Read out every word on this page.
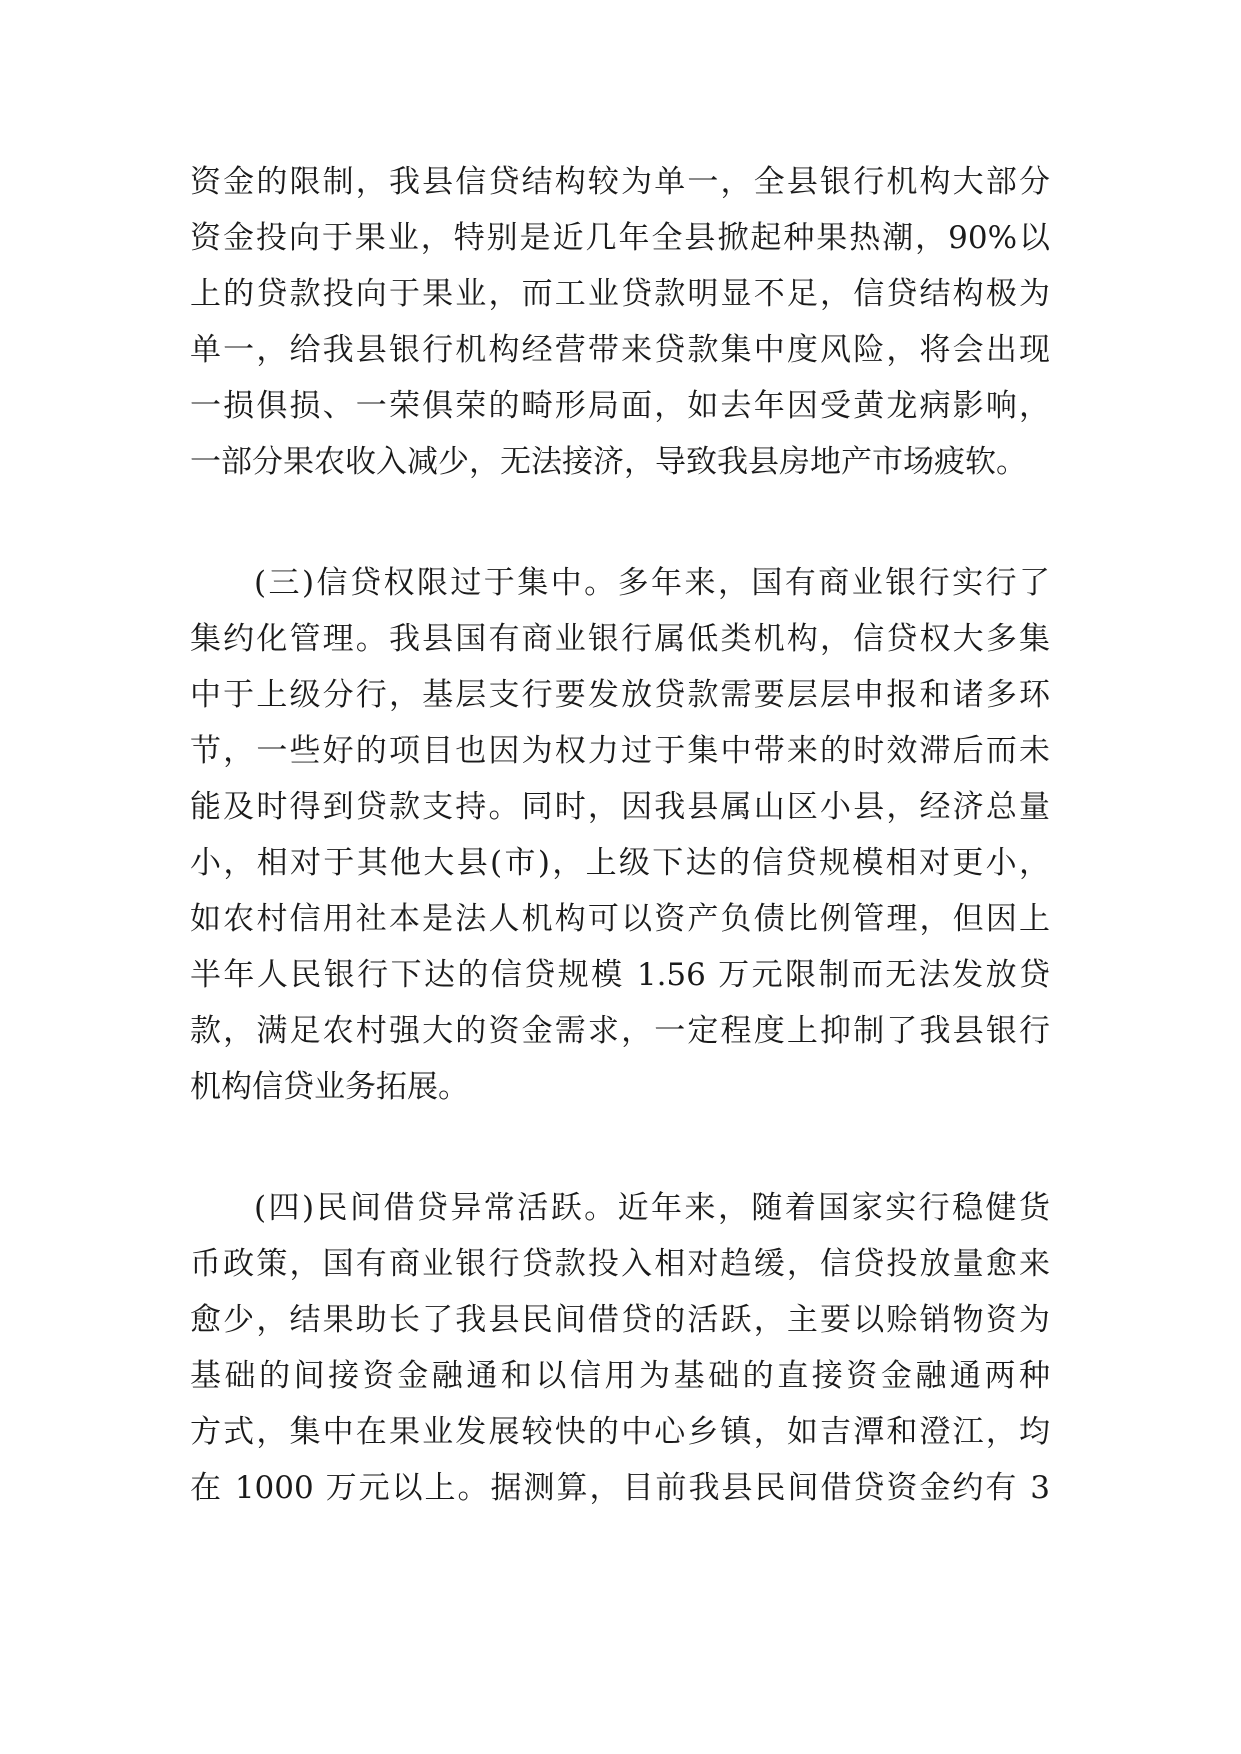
资金的限制，我县信贷结构较为单一，全县银行机构大部分
资金投向于果业，特别是近几年全县掀起种果热潮，90%以
上的贷款投向于果业，而工业贷款明显不足，信贷结构极为
单一，给我县银行机构经营带来贷款集中度风险，将会出现
一损俱损、一荣俱荣的畸形局面，如去年因受黄龙病影响，
一部分果农收入减少，无法接济，导致我县房地产市场疲软。
(三)信贷权限过于集中。多年来，国有商业银行实行了
集约化管理。我县国有商业银行属低类机构，信贷权大多集
中于上级分行，基层支行要发放贷款需要层层申报和诸多环
节，一些好的项目也因为权力过于集中带来的时效滞后而未
能及时得到贷款支持。同时，因我县属山区小县，经济总量
小，相对于其他大县(市)，上级下达的信贷规模相对更小，
如农村信用社本是法人机构可以资产负债比例管理，但因上
半年人民银行下达的信贷规模 1.56 万元限制而无法发放贷
款，满足农村强大的资金需求，一定程度上抑制了我县银行
机构信贷业务拓展。
(四)民间借贷异常活跃。近年来，随着国家实行稳健货
币政策，国有商业银行贷款投入相对趋缓，信贷投放量愈来
愈少，结果助长了我县民间借贷的活跃，主要以赊销物资为
基础的间接资金融通和以信用为基础的直接资金融通两种
方式，集中在果业发展较快的中心乡镇，如吉潭和澄江，均
在 1000 万元以上。据测算，目前我县民间借贷资金约有 3
